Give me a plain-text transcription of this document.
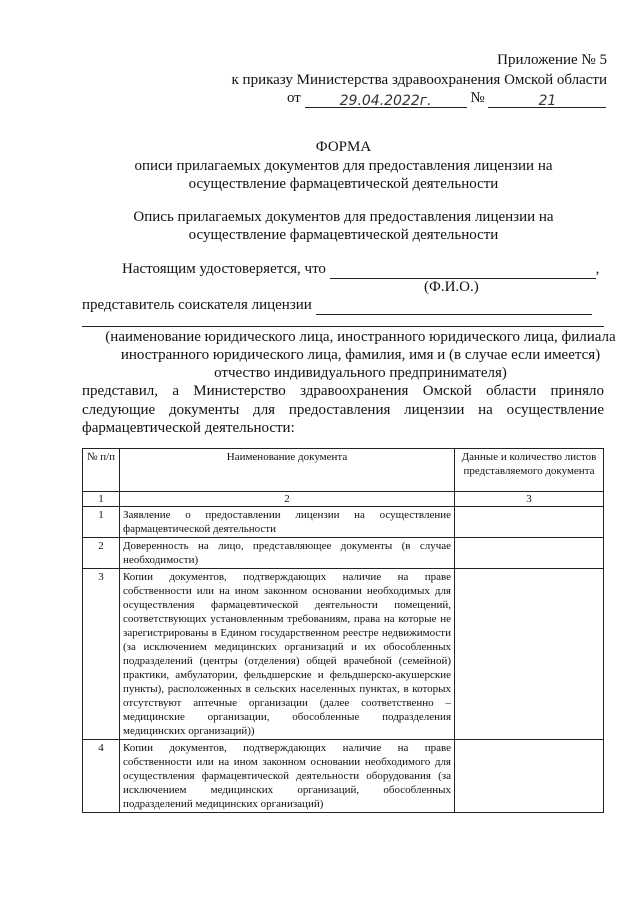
Приложение № 5
к приказу Министерства здравоохранения Омской области
от	29.04.2022г.	№	21
ФОРМА
описи прилагаемых документов для предоставления лицензии на
осуществление фармацевтической деятельности
Опись прилагаемых документов для предоставления лицензии на
осуществление фармацевтической деятельности
Настоящим удостоверяется, что	,
(Ф.И.О.)
представитель соискателя лицензии
(наименование юридического лица, иностранного юридического лица, филиала
иностранного юридического лица, фамилия, имя и (в случае если имеется)
отчество индивидуального предпринимателя)
представил, а Министерство здравоохранения Омской области приняло
следующие документы для предоставления лицензии на осуществление
фармацевтической деятельности:
№ п/п	Наименование документа	Данные и количество листов представляемого документа
1	2	3
1	Заявление о предоставлении лицензии на осуществление фармацевтической деятельности	
2	Доверенность на лицо, представляющее документы (в случае необходимости)	
3	Копии документов, подтверждающих наличие на праве собственности или на ином законном основании необходимых для осуществления фармацевтической деятельности помещений, соответствующих установленным требованиям, права на которые не зарегистрированы в Едином государственном реестре недвижимости (за исключением медицинских организаций и их обособленных подразделений (центры (отделения) общей врачебной (семейной) практики, амбулатории, фельдшерские и фельдшерско-акушерские пункты), расположенных в сельских населенных пунктах, в которых отсутствуют аптечные организации (далее соответственно – медицинские организации, обособленные подразделения медицинских организаций))	
4	Копии документов, подтверждающих наличие на праве собственности или на ином законном основании необходимого для осуществления фармацевтической деятельности оборудования (за исключением медицинских организаций, обособленных подразделений медицинских организаций)	
